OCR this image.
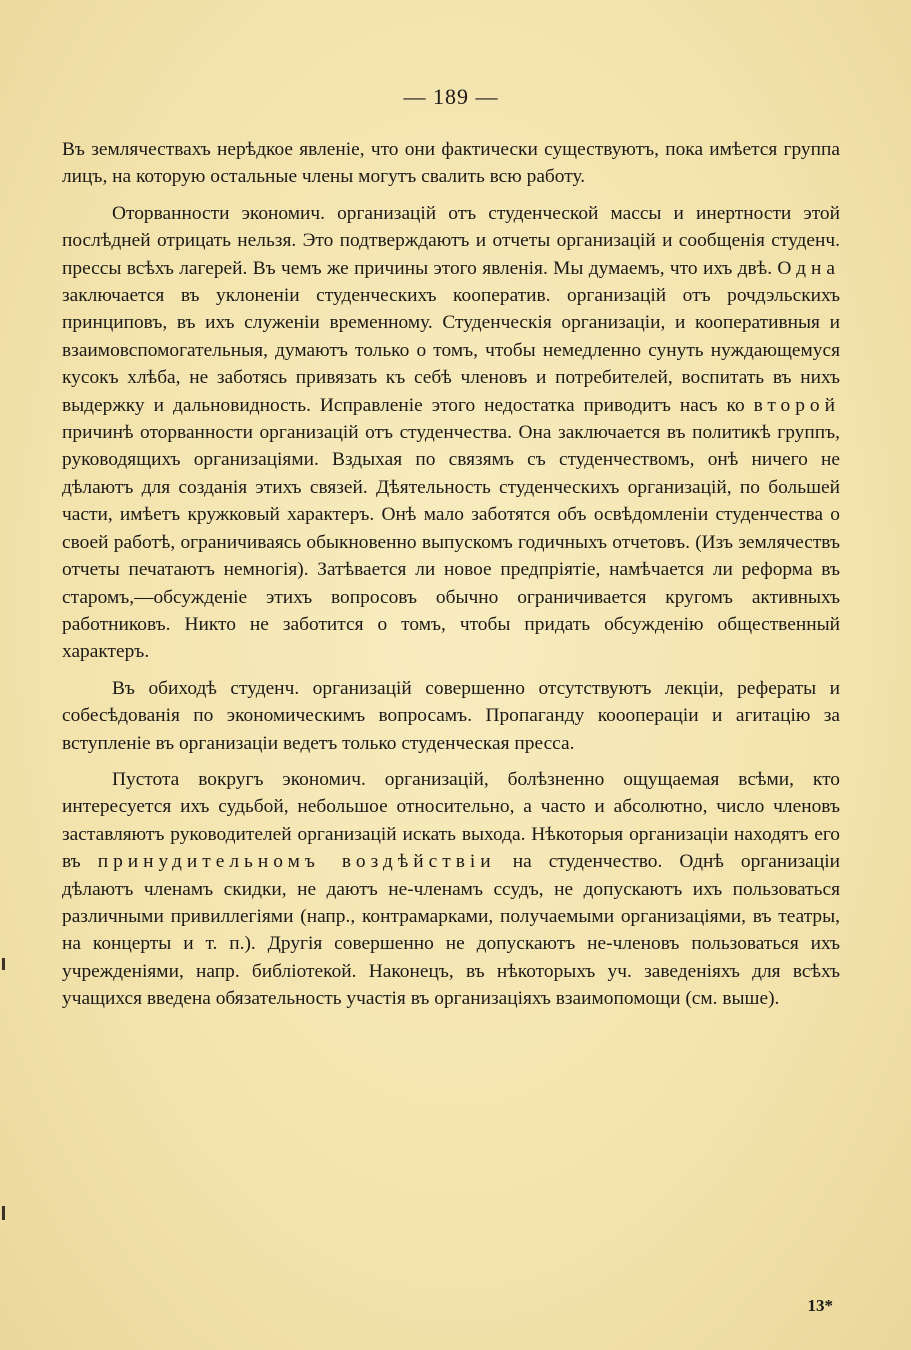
— 189 —

Въ землячествахъ нерѣдкое явленіе, что они фактически существуютъ, пока имѣется группа лицъ, на которую остальные члены могутъ свалить всю работу.

Оторванности экономич. организацій отъ студенческой массы и инертности этой послѣдней отрицать нельзя. Это подтверждаютъ и отчеты организацій и сообщенія студенч. прессы всѣхъ лагерей. Въ чемъ же причины этого явленія. Мы думаемъ, что ихъ двѣ. Одна заключается въ уклоненіи студенческихъ кооператив. организацій отъ рочдэльскихъ принциповъ, въ ихъ служеніи временному. Студенческія организаціи, и кооперативныя и взаимовспомогательныя, думаютъ только о томъ, чтобы немедленно сунуть нуждающемуся кусокъ хлѣба, не заботясь привязать къ себѣ членовъ и потребителей, воспитать въ нихъ выдержку и дальновидность. Исправленіе этого недостатка приводитъ насъ ко второй причинѣ оторванности организацій отъ студенчества. Она заключается въ политикѣ группъ, руководящихъ организаціями. Вздыхая по связямъ съ студенчествомъ, онѣ ничего не дѣлаютъ для созданія этихъ связей. Дѣятельность студенческихъ организацій, по большей части, имѣетъ кружковый характеръ. Онѣ мало заботятся объ освѣдомленіи студенчества о своей работѣ, ограничиваясь обыкновенно выпускомъ годичныхъ отчетовъ. (Изъ землячествъ отчеты печатаютъ немногія). Затѣвается ли новое предпріятіе, намѣчается ли реформа въ старомъ,—обсужденіе этихъ вопросовъ обычно ограничивается кругомъ активныхъ работниковъ. Никто не заботится о томъ, чтобы придать обсужденію общественный характеръ.

Въ обиходѣ студенч. организацій совершенно отсутствуютъ лекціи, рефераты и собесѣдованія по экономическимъ вопросамъ. Пропаганду кооопераціи и агитацію за вступленіе въ организаціи ведетъ только студенческая пресса.

Пустота вокругъ экономич. организацій, болѣзненно ощущаемая всѣми, кто интересуется ихъ судьбой, небольшое относительно, а часто и абсолютно, число членовъ заставляютъ руководителей организацій искать выхода. Нѣкоторыя организаціи находятъ его въ принудительномъ воздѣйствіи на студенчество. Однѣ организаціи дѣлаютъ членамъ скидки, не даютъ не-членамъ ссудъ, не допускаютъ ихъ пользоваться различными привиллегіями (напр., контрамарками, получаемыми организаціями, въ театры, на концерты и т. п.). Другія совершенно не допускаютъ не-членовъ пользоваться ихъ учрежденіями, напр. библіотекой. Наконецъ, въ нѣкоторыхъ уч. заведеніяхъ для всѣхъ учащихся введена обязательность участія въ организаціяхъ взаимопомощи (см. выше).

13*
